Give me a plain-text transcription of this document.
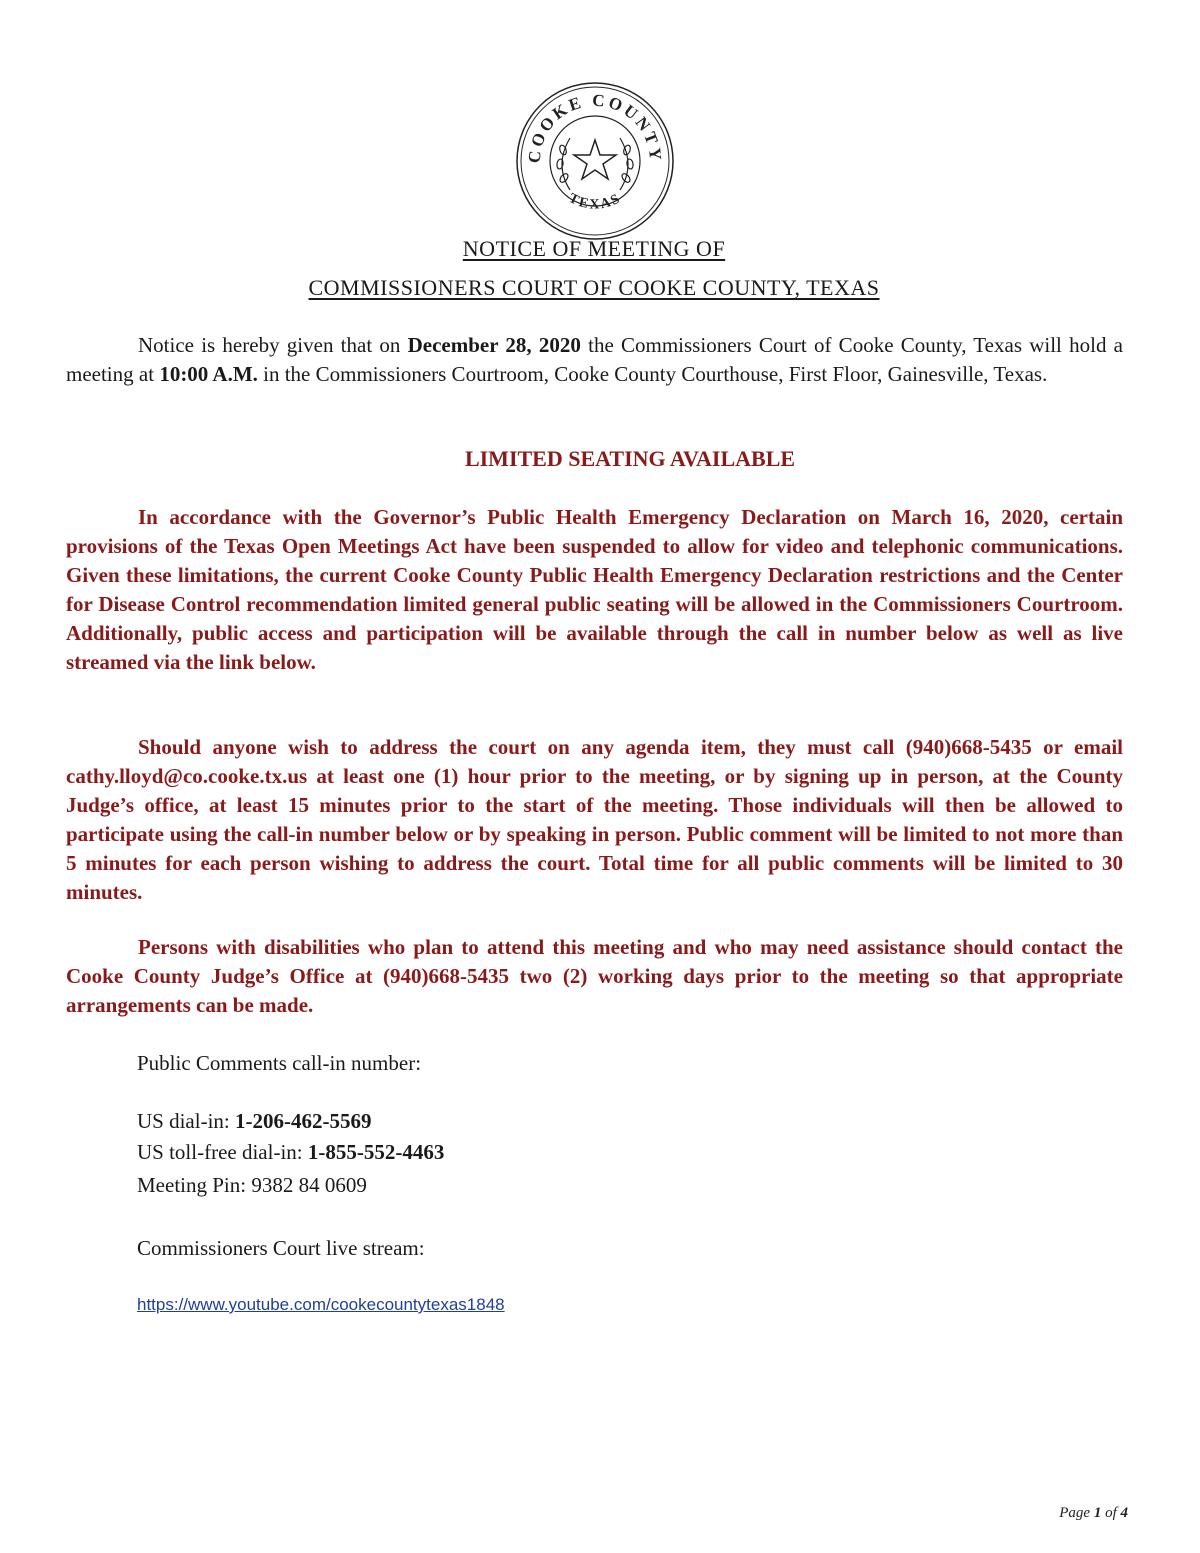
COOKE COUNTY
TEXAS
NOTICE OF MEETING OF
COMMISSIONERS COURT OF COOKE COUNTY, TEXAS
Notice is hereby given that on December 28, 2020 the Commissioners Court of Cooke County, Texas will hold a meeting at 10:00 A.M. in the Commissioners Courtroom, Cooke County Courthouse, First Floor, Gainesville, Texas.
LIMITED SEATING AVAILABLE
In accordance with the Governor’s Public Health Emergency Declaration on March 16, 2020, certain provisions of the Texas Open Meetings Act have been suspended to allow for video and telephonic communications. Given these limitations, the current Cooke County Public Health Emergency Declaration restrictions and the Center for Disease Control recommendation limited general public seating will be allowed in the Commissioners Courtroom. Additionally, public access and participation will be available through the call in number below as well as live streamed via the link below.
Should anyone wish to address the court on any agenda item, they must call (940)668-5435 or email cathy.lloyd@co.cooke.tx.us at least one (1) hour prior to the meeting, or by signing up in person, at the County Judge’s office, at least 15 minutes prior to the start of the meeting. Those individuals will then be allowed to participate using the call-in number below or by speaking in person. Public comment will be limited to not more than 5 minutes for each person wishing to address the court. Total time for all public comments will be limited to 30 minutes.
Persons with disabilities who plan to attend this meeting and who may need assistance should contact the Cooke County Judge’s Office at (940)668-5435 two (2) working days prior to the meeting so that appropriate arrangements can be made.
Public Comments call-in number:
US dial-in: 1-206-462-5569
US toll-free dial-in: 1-855-552-4463
Meeting Pin: 9382 84 0609
Commissioners Court live stream:
https://www.youtube.com/cookecountytexas1848
Page 1 of 4
